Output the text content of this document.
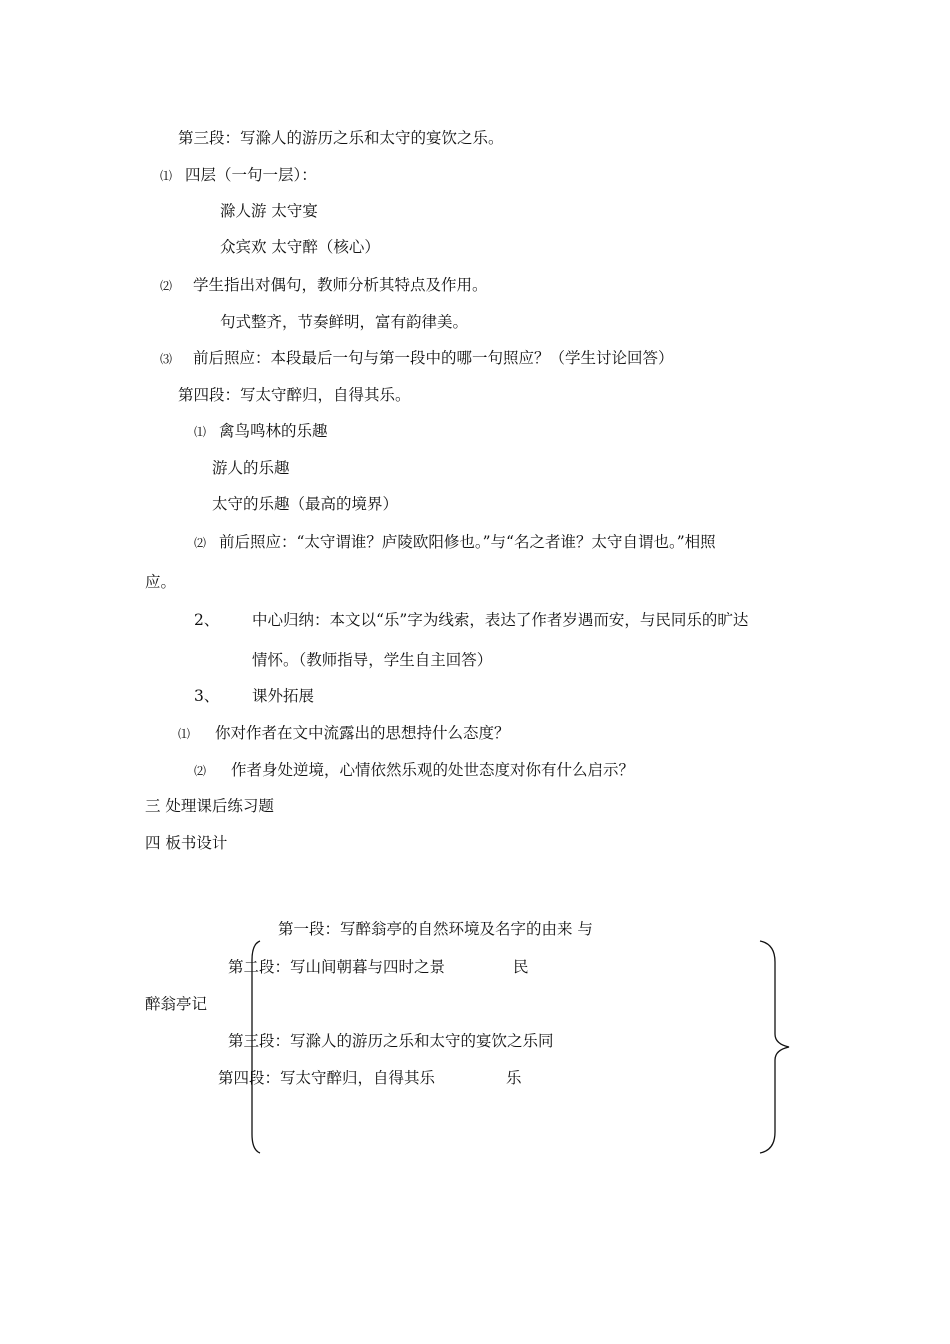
第三段：写滁人的游历之乐和太守的宴饮之乐。
⑴ 四层（一句一层）：
滁人游 太守宴
众宾欢 太守醉（核心）
⑵ 学生指出对偶句，教师分析其特点及作用。
句式整齐，节奏鲜明，富有韵律美。
⑶ 前后照应：本段最后一句与第一段中的哪一句照应？（学生讨论回答）
第四段：写太守醉归，自得其乐。
⑴ 禽鸟鸣林的乐趣
游人的乐趣
太守的乐趣（最高的境界）
⑵ 前后照应：“太守谓谁？庐陵欧阳修也。”与“名之者谁？太守自谓也。”相照
应。
2、 中心归纳：本文以“乐”字为线索，表达了作者岁遇而安，与民同乐的旷达
情怀。（教师指导，学生自主回答）
3、 课外拓展
⑴ 你对作者在文中流露出的思想持什么态度？
⑵ 作者身处逆境，心情依然乐观的处世态度对你有什么启示？
三 处理课后练习题
四 板书设计
第一段：写醉翁亭的自然环境及名字的由来 与
第二段：写山间朝暮与四时之景	民
醉翁亭记
第三段：写滁人的游历之乐和太守的宴饮之乐同
第四段：写太守醉归，自得其乐	乐
